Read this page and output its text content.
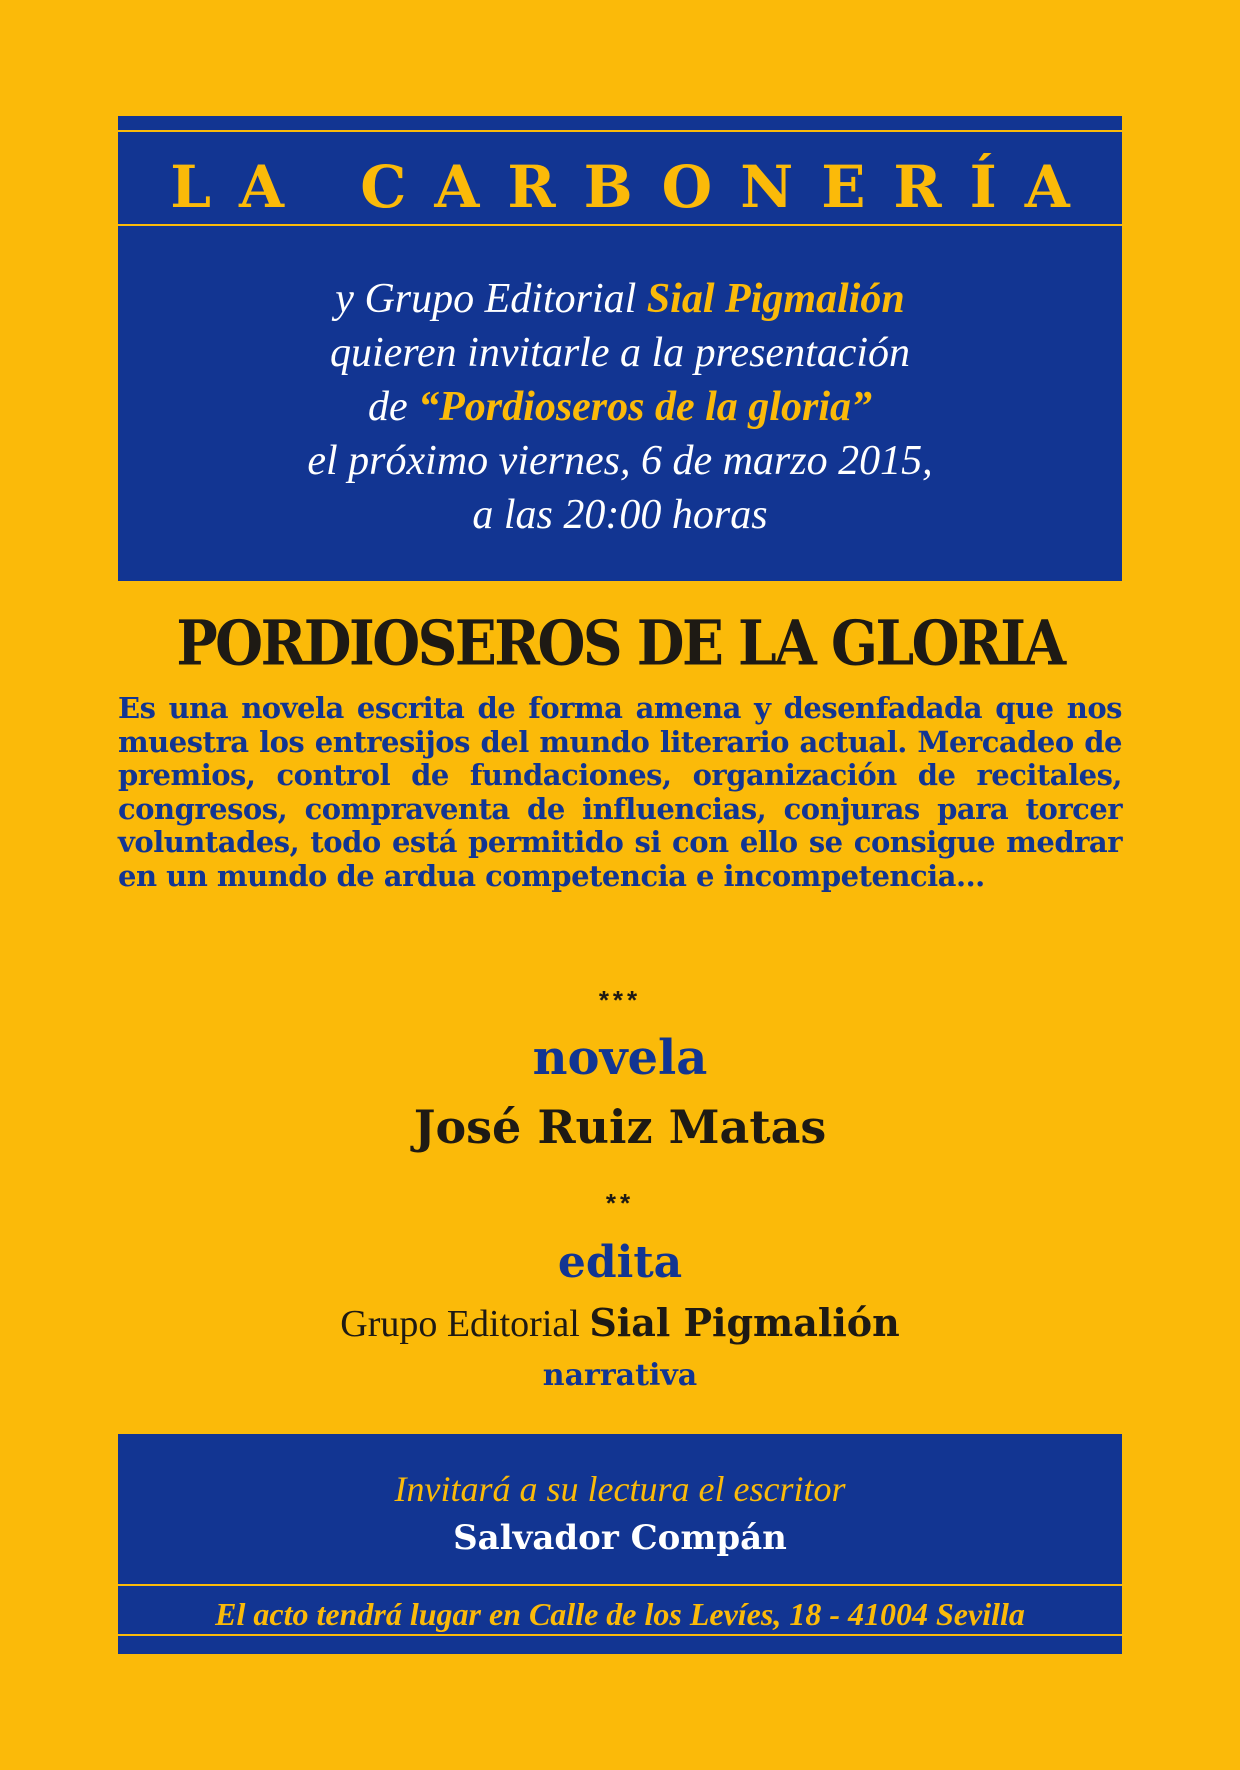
LA CARBONERÍA
y Grupo Editorial Sial Pigmalión
quieren invitarle a la presentación
de “Pordioseros de la gloria”
el próximo viernes, 6 de marzo 2015,
a las 20:00 horas
PORDIOSEROS DE LA GLORIA
Es una novela escrita de forma amena y desenfadada que nos muestra los entresijos del mundo literario actual. Mercadeo de premios, control de fundaciones, organización de recitales, congresos, compraventa de influencias, conjuras para torcer voluntades, todo está permitido si con ello se consigue medrar en un mundo de ardua competencia e incompetencia...
***
novela
José Ruiz Matas
**
edita
Grupo Editorial Sial Pigmalión
narrativa
Invitará a su lectura el escritor
Salvador Compán
El acto tendrá lugar en Calle de los Levíes, 18 - 41004 Sevilla
